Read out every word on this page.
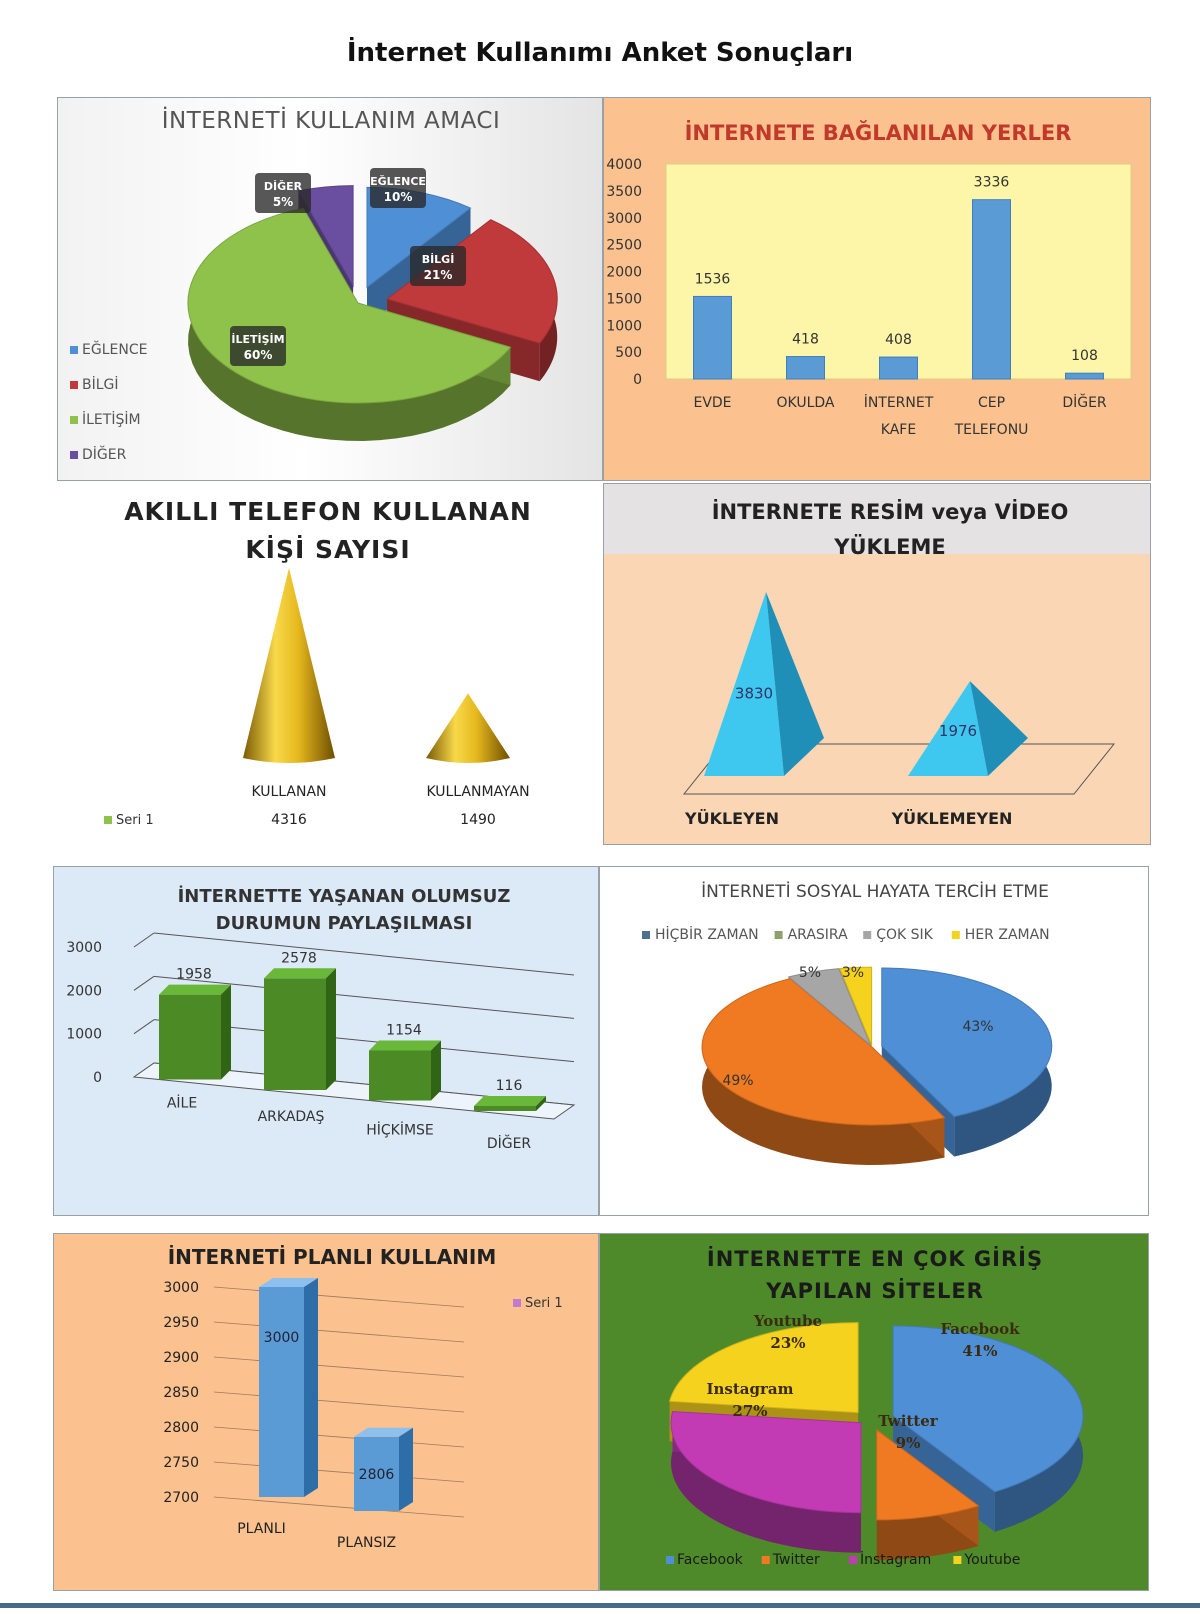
İnternet Kullanımı Anket Sonuçları
İNTERNETİ KULLANIM AMACI
EĞLENCE
10%
BİLGİ
21%
İLETİŞİM
60%
DİĞER
5%
EĞLENCE
BİLGİ
İLETİŞİM
DİĞER
İNTERNETE BAĞLANILAN YERLER
0
500
1000
1500
2000
2500
3000
3500
4000
1536
EVDE
418
OKULDA
408
İNTERNET
KAFE
3336
CEP
TELEFONU
108
DİĞER
AKILLI TELEFON KULLANAN
KİŞİ SAYISI
KULLANAN
4316
KULLANMAYAN
1490
Seri 1
İNTERNETE RESİM veya VİDEO
YÜKLEME
3830
YÜKLEYEN
1976
YÜKLEMEYEN
İNTERNETTE YAŞANAN OLUMSUZ
DURUMUN PAYLAŞILMASI
0
1000
2000
3000
1958
AİLE
2578
ARKADAŞ
1154
HİÇKİMSE
116
DİĞER
İNTERNETİ SOSYAL HAYATA TERCİH ETME
HİÇBİR ZAMAN ARASIRA ÇOK SIK HER ZAMAN
43%
49%
5% 3%
İNTERNETİ PLANLI KULLANIM
2700
2750
2800
2850
2900
2950
3000
3000
PLANLI
2806
PLANSIZ
Seri 1
İNTERNETTE EN ÇOK GİRİŞ
YAPILAN SİTELER
Facebook
41%
Twitter
9%
Instagram
27%
Youtube
23%
Facebook Twitter	İnstagram Youtube
